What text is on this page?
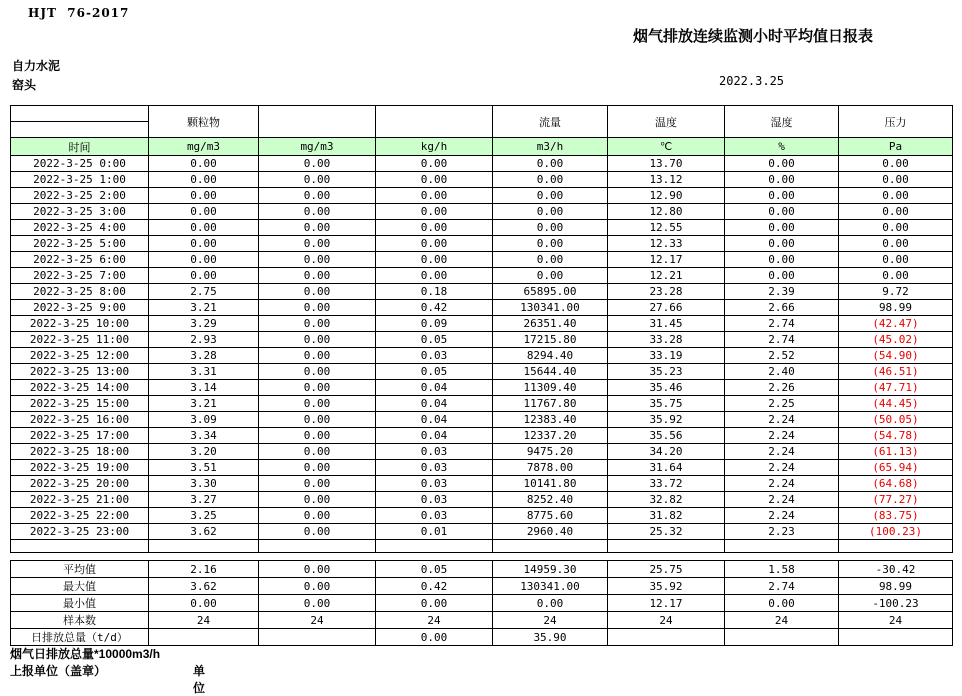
HJT  76-2017
烟气排放连续监测小时平均值日报表
自力水泥
窑头	2022.3.25
	颗粒物			流量	温度	湿度	压力

时间	mg/m3	mg/m3	kg/h	m3/h	℃	%	Pa
2022-3-25 0:00	0.00	0.00	0.00	0.00	13.70	0.00	0.00
2022-3-25 1:00	0.00	0.00	0.00	0.00	13.12	0.00	0.00
2022-3-25 2:00	0.00	0.00	0.00	0.00	12.90	0.00	0.00
2022-3-25 3:00	0.00	0.00	0.00	0.00	12.80	0.00	0.00
2022-3-25 4:00	0.00	0.00	0.00	0.00	12.55	0.00	0.00
2022-3-25 5:00	0.00	0.00	0.00	0.00	12.33	0.00	0.00
2022-3-25 6:00	0.00	0.00	0.00	0.00	12.17	0.00	0.00
2022-3-25 7:00	0.00	0.00	0.00	0.00	12.21	0.00	0.00
2022-3-25 8:00	2.75	0.00	0.18	65895.00	23.28	2.39	9.72
2022-3-25 9:00	3.21	0.00	0.42	130341.00	27.66	2.66	98.99
2022-3-25 10:00	3.29	0.00	0.09	26351.40	31.45	2.74	(42.47)
2022-3-25 11:00	2.93	0.00	0.05	17215.80	33.28	2.74	(45.02)
2022-3-25 12:00	3.28	0.00	0.03	8294.40	33.19	2.52	(54.90)
2022-3-25 13:00	3.31	0.00	0.05	15644.40	35.23	2.40	(46.51)
2022-3-25 14:00	3.14	0.00	0.04	11309.40	35.46	2.26	(47.71)
2022-3-25 15:00	3.21	0.00	0.04	11767.80	35.75	2.25	(44.45)
2022-3-25 16:00	3.09	0.00	0.04	12383.40	35.92	2.24	(50.05)
2022-3-25 17:00	3.34	0.00	0.04	12337.20	35.56	2.24	(54.78)
2022-3-25 18:00	3.20	0.00	0.03	9475.20	34.20	2.24	(61.13)
2022-3-25 19:00	3.51	0.00	0.03	7878.00	31.64	2.24	(65.94)
2022-3-25 20:00	3.30	0.00	0.03	10141.80	33.72	2.24	(64.68)
2022-3-25 21:00	3.27	0.00	0.03	8252.40	32.82	2.24	(77.27)
2022-3-25 22:00	3.25	0.00	0.03	8775.60	31.82	2.24	(83.75)
2022-3-25 23:00	3.62	0.00	0.01	2960.40	25.32	2.23	(100.23)

平均值	2.16	0.00	0.05	14959.30	25.75	1.58	-30.42
最大值	3.62	0.00	0.42	130341.00	35.92	2.74	98.99
最小值	0.00	0.00	0.00	0.00	12.17	0.00	-100.23
样本数	24	24	24	24	24	24	24
日排放总量（t/d）			0.00	35.90			
烟气日排放总量*10000m3/h
上报单位（盖章）	单位
